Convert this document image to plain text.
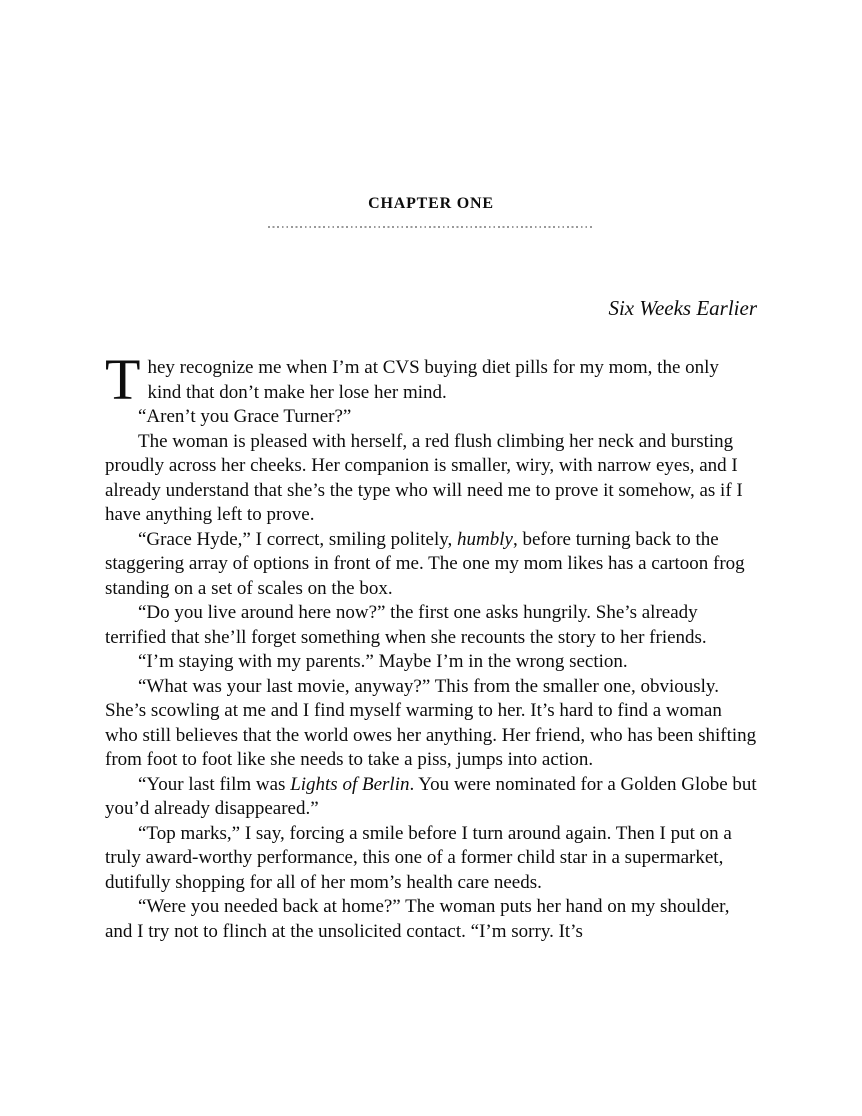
CHAPTER ONE
Six Weeks Earlier

They recognize me when I’m at CVS buying diet pills for my mom, the only kind that don’t make her lose her mind.

“Aren’t you Grace Turner?”

The woman is pleased with herself, a red flush climbing her neck and bursting proudly across her cheeks. Her companion is smaller, wiry, with narrow eyes, and I already understand that she’s the type who will need me to prove it somehow, as if I have anything left to prove.

“Grace Hyde,” I correct, smiling politely, humbly, before turning back to the staggering array of options in front of me. The one my mom likes has a cartoon frog standing on a set of scales on the box.

“Do you live around here now?” the first one asks hungrily. She’s already terrified that she’ll forget something when she recounts the story to her friends.

“I’m staying with my parents.” Maybe I’m in the wrong section.

“What was your last movie, anyway?” This from the smaller one, obviously. She’s scowling at me and I find myself warming to her. It’s hard to find a woman who still believes that the world owes her anything. Her friend, who has been shifting from foot to foot like she needs to take a piss, jumps into action.

“Your last film was Lights of Berlin. You were nominated for a Golden Globe but you’d already disappeared.”

“Top marks,” I say, forcing a smile before I turn around again. Then I put on a truly award-worthy performance, this one of a former child star in a supermarket, dutifully shopping for all of her mom’s health care needs.

“Were you needed back at home?” The woman puts her hand on my shoulder, and I try not to flinch at the unsolicited contact. “I’m sorry. It’s
